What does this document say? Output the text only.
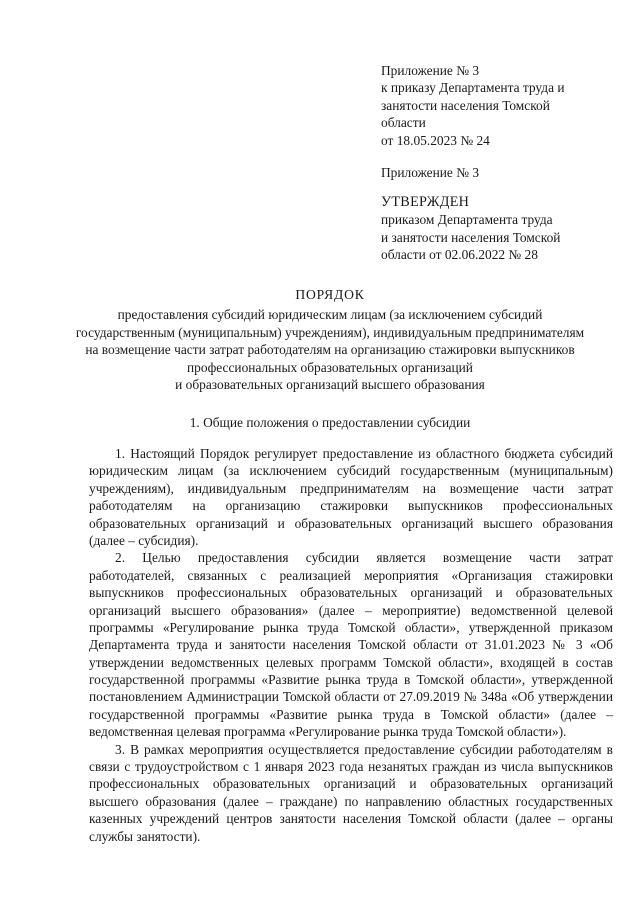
Приложение № 3
к приказу Департамента труда и
занятости населения Томской
области
от 18.05.2023 № 24
Приложение № 3
УТВЕРЖДЕН
приказом Департамента труда
и занятости населения Томской
области от 02.06.2022 № 28
ПОРЯДОК
предоставления субсидий юридическим лицам (за исключением субсидий
государственным (муниципальным) учреждениям), индивидуальным предпринимателям
на возмещение части затрат работодателям на организацию стажировки выпускников
профессиональных образовательных организаций
и образовательных организаций высшего образования
1. Общие положения о предоставлении субсидии
1. Настоящий Порядок регулирует предоставление из областного бюджета субсидий
юридическим лицам (за исключением субсидий государственным (муниципальным)
учреждениям), индивидуальным предпринимателям на возмещение части затрат
работодателям на организацию стажировки выпускников профессиональных
образовательных организаций и образовательных организаций высшего образования
(далее – субсидия).
2. Целью предоставления субсидии является возмещение части затрат
работодателей, связанных с реализацией мероприятия «Организация стажировки
выпускников профессиональных образовательных организаций и образовательных
организаций высшего образования» (далее – мероприятие) ведомственной целевой
программы «Регулирование рынка труда Томской области», утвержденной приказом
Департамента труда и занятости населения Томской области от 31.01.2023 № 3 «Об
утверждении ведомственных целевых программ Томской области», входящей в состав
государственной программы «Развитие рынка труда в Томской области», утвержденной
постановлением Администрации Томской области от 27.09.2019 № 348а «Об утверждении
государственной программы «Развитие рынка труда в Томской области» (далее –
ведомственная целевая программа «Регулирование рынка труда Томской области»).
3. В рамках мероприятия осуществляется предоставление субсидии работодателям в
связи с трудоустройством с 1 января 2023 года незанятых граждан из числа выпускников
профессиональных образовательных организаций и образовательных организаций
высшего образования (далее – граждане) по направлению областных государственных
казенных учреждений центров занятости населения Томской области (далее – органы
службы занятости).
